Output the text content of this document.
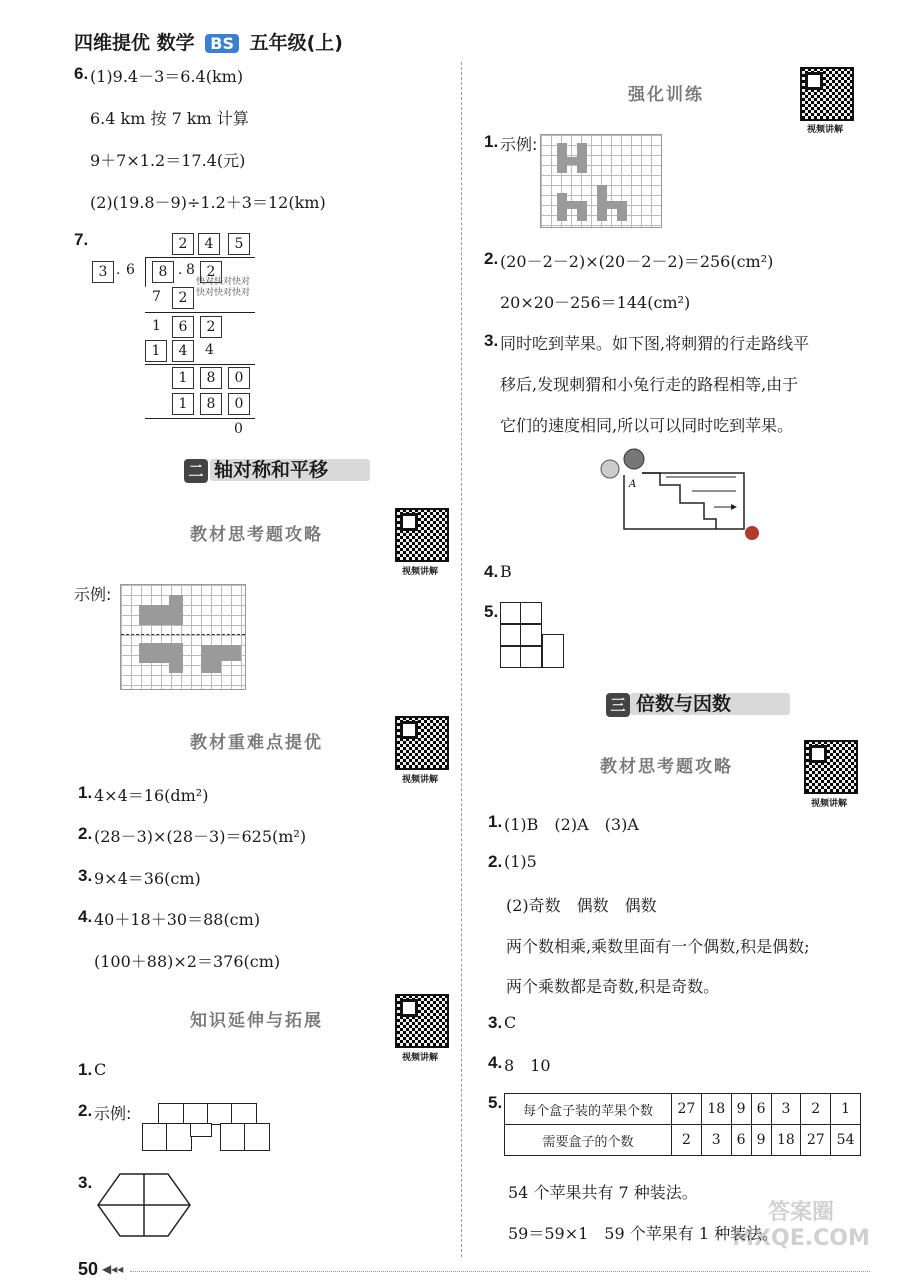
四维提优 数学 BS 五年级(上)
6. (1)9.4－3＝6.4(km)
6.4 km 按 7 km 计算
9＋7×1.2＝17.4(元)
(2)(19.8－9)÷1.2＋3＝12(km)
7.	2	4	5
3 . 6	8 . 8 2
快对快对快对
快对快对快对
7	2
1	6	2
1	4	4
1	8	0
1	8	0
0
二 轴对称和平移
教材思考题攻略
视频讲解
示例:
教材重难点提优
视频讲解
1. 4×4＝16(dm²)
2. (28－3)×(28－3)＝625(m²)
3. 9×4＝36(cm)
4. 40＋18＋30＝88(cm)
(100＋88)×2＝376(cm)
知识延伸与拓展
视频讲解
1. C
2. 示例:
3.
强化训练
视频讲解
1. 示例:
2. (20－2－2)×(20－2－2)＝256(cm²)
20×20－256＝144(cm²)
3. 同时吃到苹果。如下图,将刺猬的行走路线平
移后,发现刺猬和小兔行走的路程相等,由于
它们的速度相同,所以可以同时吃到苹果。
A
4. B
5.
三 倍数与因数
教材思考题攻略
视频讲解
1. (1)B　(2)A　(3)A
2. (1)5
(2)奇数　偶数　偶数
两个数相乘,乘数里面有一个偶数,积是偶数;
两个乘数都是奇数,积是奇数。
3. C
4. 8　10
5. 每个盒子装的苹果个数	27	18	9	6	3	2	1
需要盒子的个数	2	3	6	9	18	27	54
54 个苹果共有 7 种装法。
59＝59×1　59 个苹果有 1 种装法。
答案圈 MXQE.COM
50 ◀◂◂
